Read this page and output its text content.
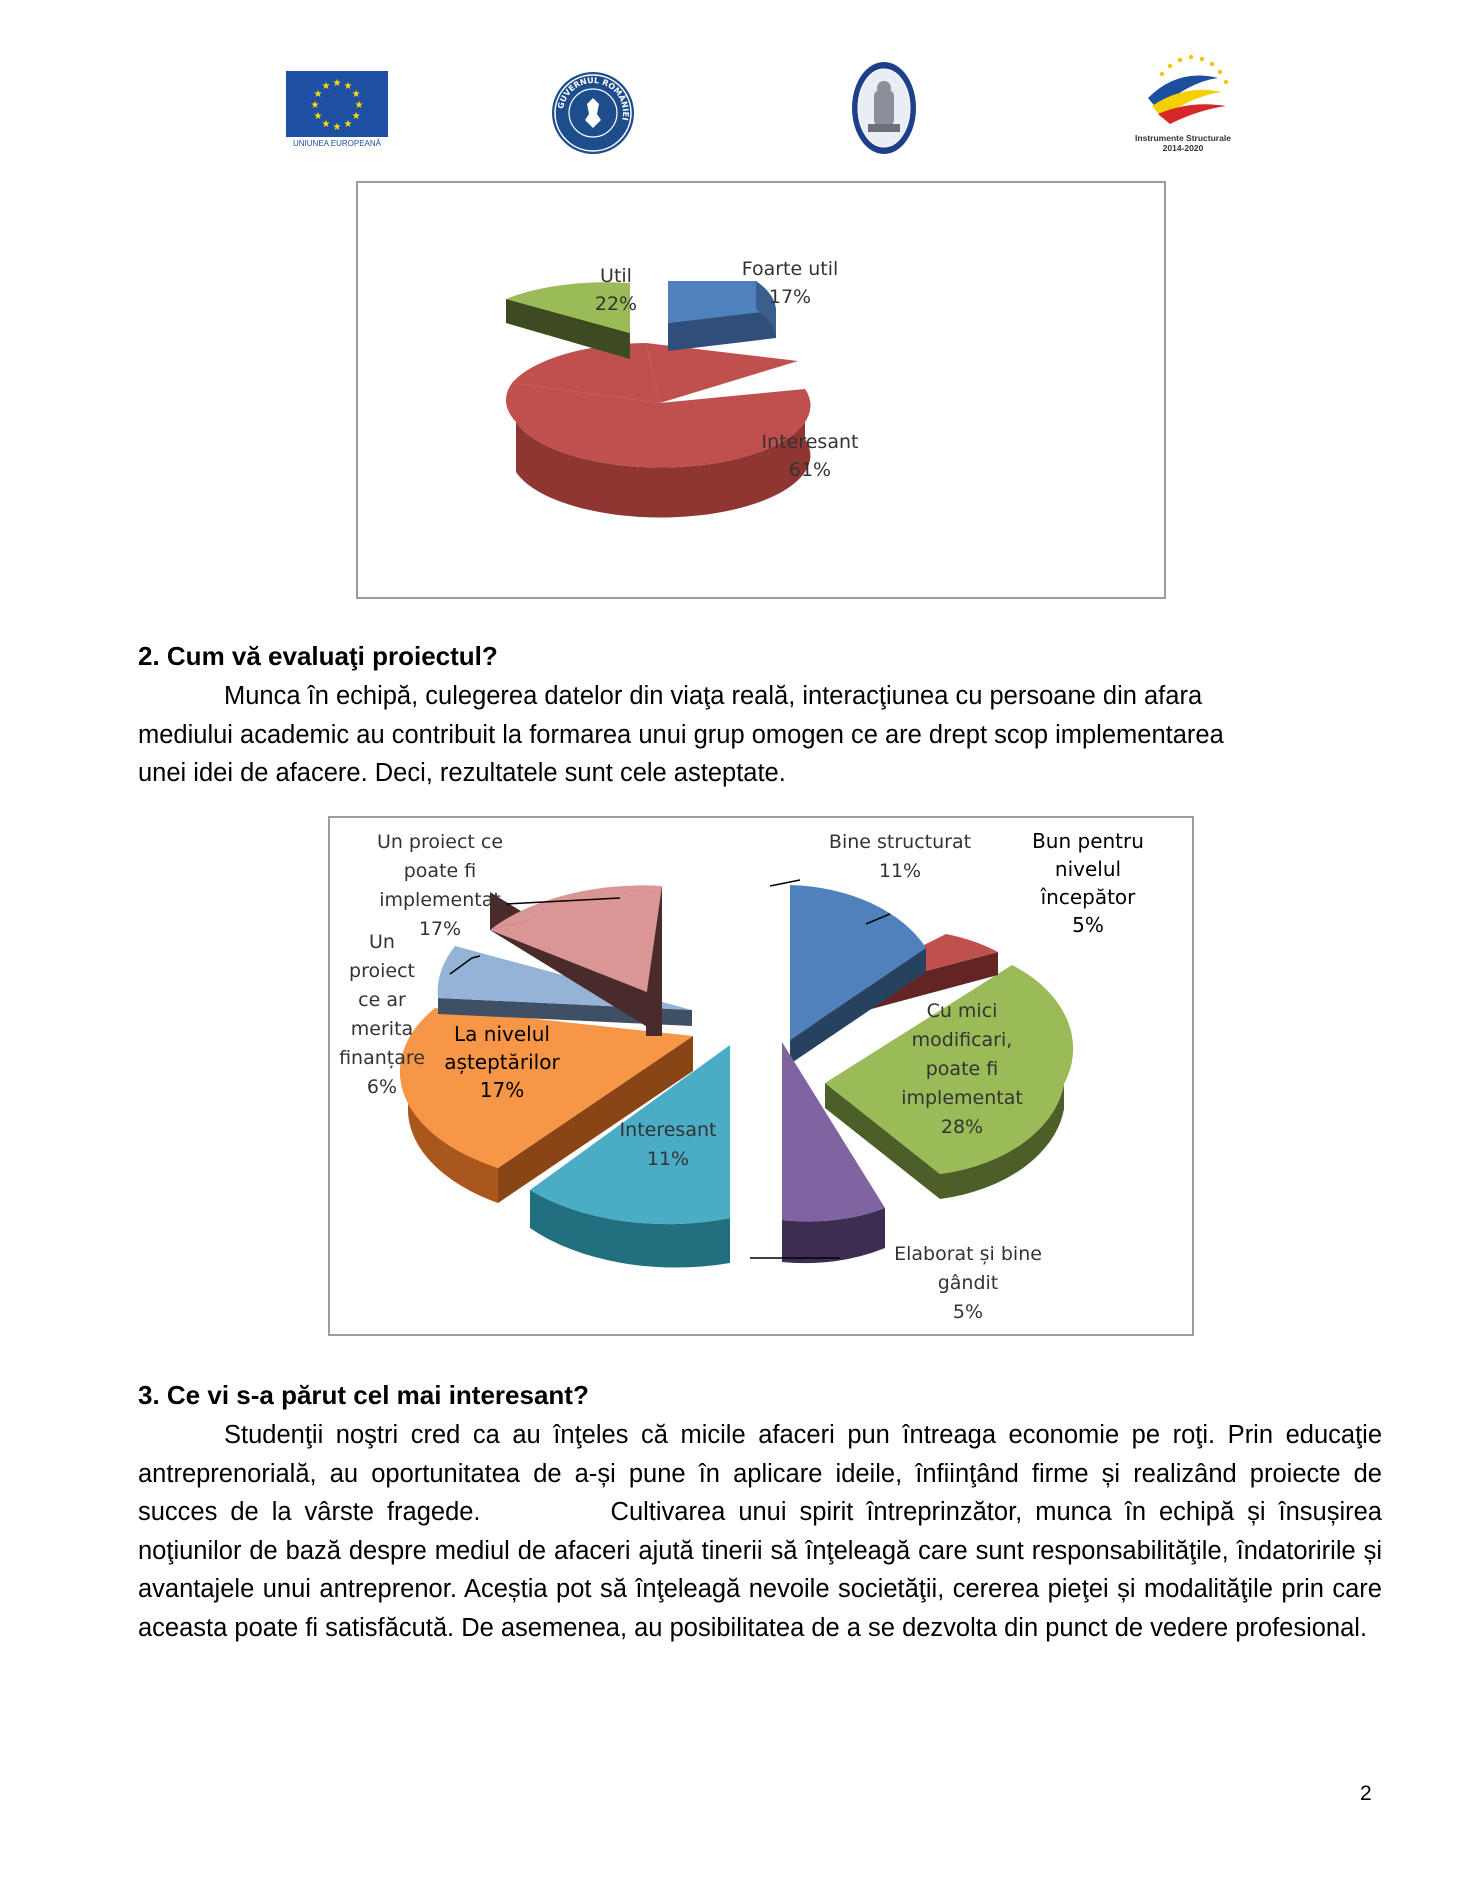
★ ★
★
★
★
★
★
★
★
★
★
★
UNIUNEA EUROPEANĂ
GUVERNUL ROMÂNIEI
Instrumente Structurale
2014-2020
Foarte util
17%
Util
22%
Interesant
61%
2. Cum vă evaluaţi proiectul?

Munca în echipă, culegerea datelor din viaţa reală, interacţiunea cu persoane din afara

mediului academic au contribuit la formarea unui grup omogen ce are drept scop implementarea

unei idei de afacere. Deci, rezultatele sunt cele asteptate.

Un proiect ce
poate fi
implementat
17%
Un
proiect
ce ar
merita
finanțare
6%
Bine structurat
11%
Interesant
11%
Cu mici
modificari,
poate fi
implementat
28%
Elaborat și bine
gândit
5%
Bun pentru
nivelul
începător
5%
La nivelul
așteptărilor
17%
3. Ce vi s-a părut cel mai interesant?

Studenţii noştri cred ca au înţeles că micile afaceri pun întreaga economie pe roţi. Prin educaţie antreprenorială, au oportunitatea de a-și pune în aplicare ideile, înfiinţând firme și realizând proiecte de succes de la vârste fragede.	Cultivarea unui spirit întreprinzător, munca în echipă și însușirea noţiunilor de bază despre mediul de afaceri ajută tinerii să înţeleagă care sunt responsabilităţile, îndatoririle și avantajele unui antreprenor. Aceștia pot să înţeleagă nevoile societăţii, cererea pieţei și modalităţile prin care aceasta poate fi satisfăcută. De asemenea, au posibilitatea de a se dezvolta din punct de vedere profesional.

2
